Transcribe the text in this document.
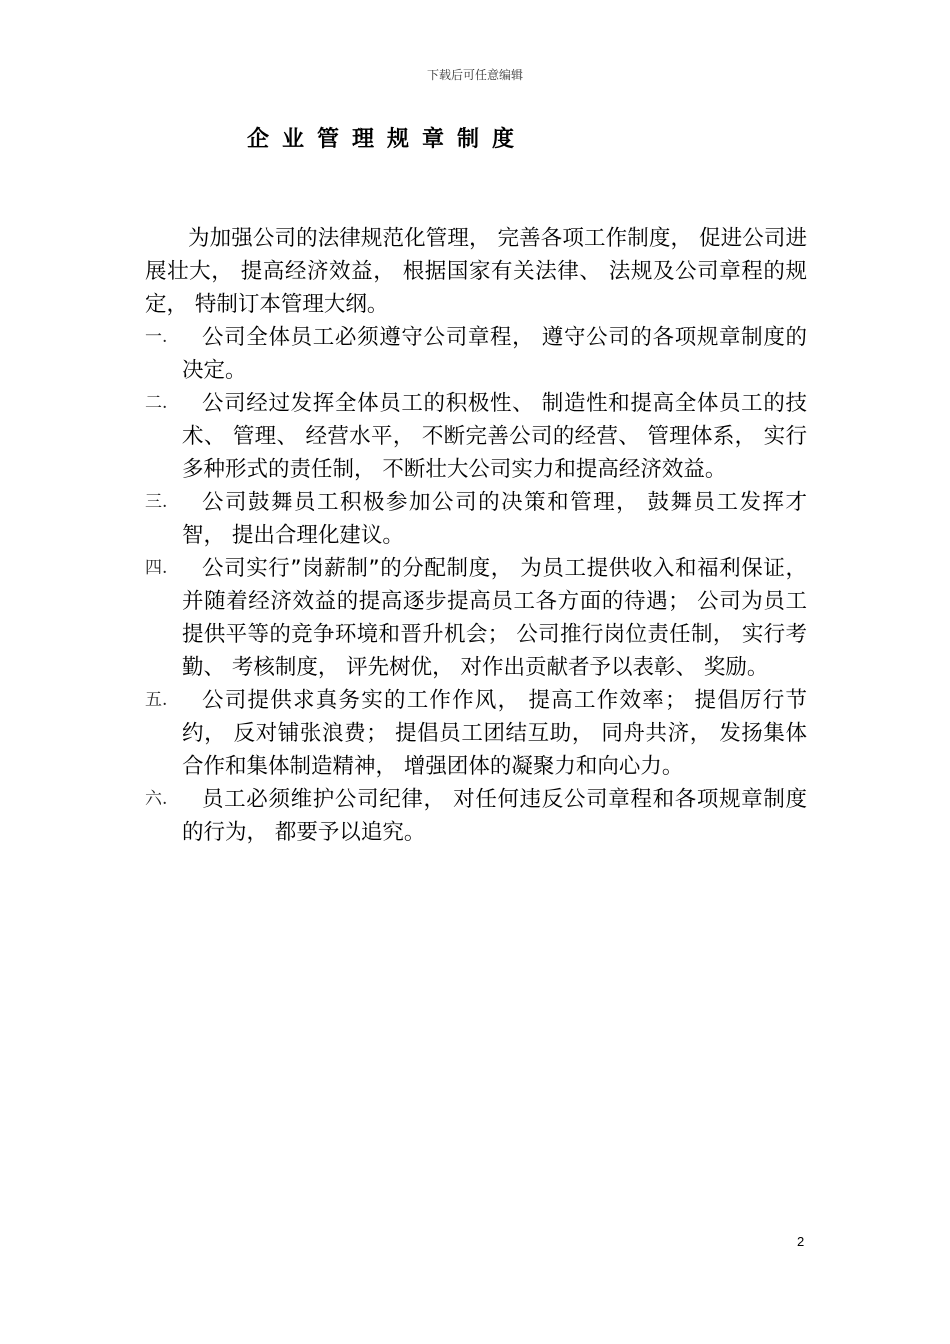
下载后可任意编辑
企业管理规章制度

为加强公司的法律规范化管理， 完善各项工作制度， 促进公司进展壮大， 提高经济效益， 根据国家有关法律、 法规及公司章程的规定， 特制订本管理大纲。

一.	公司全体员工必须遵守公司章程， 遵守公司的各项规章制度的决定。
二.	公司经过发挥全体员工的积极性、 制造性和提高全体员工的技术、 管理、 经营水平， 不断完善公司的经营、 管理体系， 实行多种形式的责任制， 不断壮大公司实力和提高经济效益。
三.	公司鼓舞员工积极参加公司的决策和管理， 鼓舞员工发挥才智， 提出合理化建议。
四.	公司实行”岗薪制”的分配制度， 为员工提供收入和福利保证， 并随着经济效益的提高逐步提高员工各方面的待遇； 公司为员工提供平等的竞争环境和晋升机会； 公司推行岗位责任制， 实行考勤、 考核制度， 评先树优， 对作出贡献者予以表彰、 奖励。
五.	公司提供求真务实的工作作风， 提高工作效率； 提倡厉行节约， 反对铺张浪费； 提倡员工团结互助， 同舟共济， 发扬集体合作和集体制造精神， 增强团体的凝聚力和向心力。
六.	员工必须维护公司纪律， 对任何违反公司章程和各项规章制度的行为， 都要予以追究。
2
